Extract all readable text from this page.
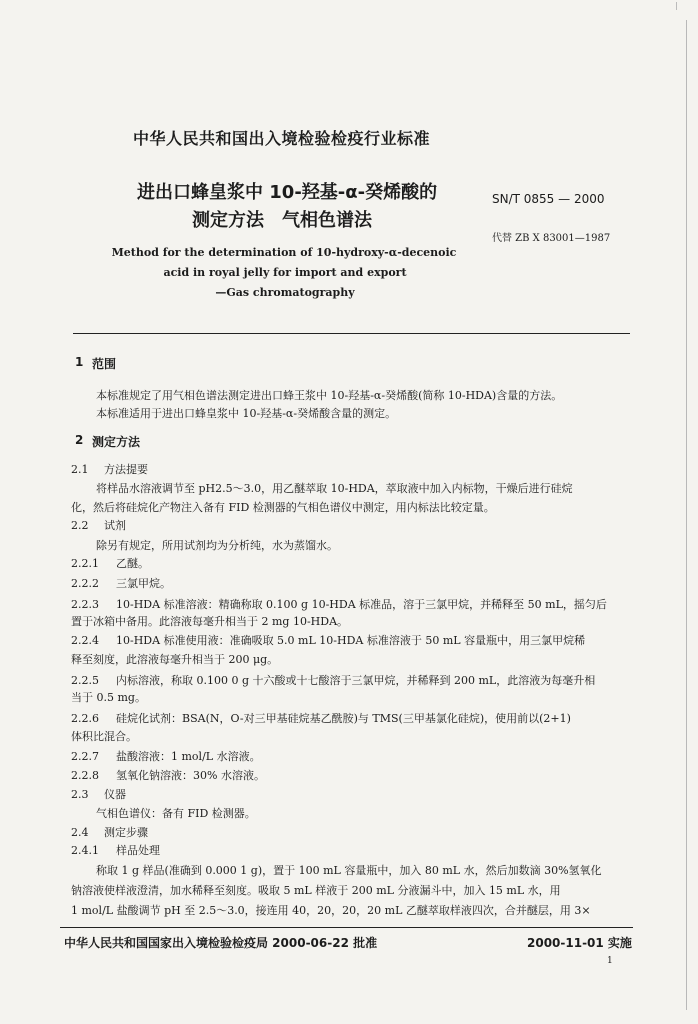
中华人民共和国出入境检验检疫行业标准
进出口蜂皇浆中 10-羟基-α-癸烯酸的
测定方法　气相色谱法
SN/T 0855 — 2000
代替 ZB X 83001—1987
Method for the determination of 10-hydroxy-α-decenoic
acid in royal jelly for import and export
—Gas chromatography
1 范围
本标准规定了用气相色谱法测定进出口蜂王浆中 10-羟基-α-癸烯酸(简称 10-HDA)含量的方法。
本标准适用于进出口蜂皇浆中 10-羟基-α-癸烯酸含量的测定。
2 测定方法
2.1 方法提要
将样品水溶液调节至 pH2.5～3.0，用乙醚萃取 10-HDA，萃取液中加入内标物，干燥后进行硅烷
化，然后将硅烷化产物注入备有 FID 检测器的气相色谱仪中测定，用内标法比较定量。
2.2 试剂
除另有规定，所用试剂均为分析纯，水为蒸馏水。
2.2.1 乙醚。
2.2.2 三氯甲烷。
2.2.3 10-HDA 标准溶液：精确称取 0.100 g 10-HDA 标准品，溶于三氯甲烷，并稀释至 50 mL，摇匀后
置于冰箱中备用。此溶液每毫升相当于 2 mg 10-HDA。
2.2.4 10-HDA 标准使用液：准确吸取 5.0 mL 10-HDA 标准溶液于 50 mL 容量瓶中，用三氯甲烷稀
释至刻度，此溶液每毫升相当于 200 μg。
2.2.5 内标溶液，称取 0.100 0 g 十六酸或十七酸溶于三氯甲烷，并稀释到 200 mL，此溶液为每毫升相
当于 0.5 mg。
2.2.6 硅烷化试剂：BSA(N，O-对三甲基硅烷基乙酰胺)与 TMS(三甲基氯化硅烷)，使用前以(2+1)
体积比混合。
2.2.7 盐酸溶液：1 mol/L 水溶液。
2.2.8 氢氧化钠溶液：30% 水溶液。
2.3 仪器
气相色谱仪：备有 FID 检测器。
2.4 测定步骤
2.4.1 样品处理
称取 1 g 样品(准确到 0.000 1 g)，置于 100 mL 容量瓶中，加入 80 mL 水，然后加数滴 30%氢氧化
钠溶液使样液澄清，加水稀释至刻度。吸取 5 mL 样液于 200 mL 分液漏斗中，加入 15 mL 水，用
1 mol/L 盐酸调节 pH 至 2.5～3.0，接连用 40，20，20，20 mL 乙醚萃取样液四次，合并醚层，用 3×
中华人民共和国国家出入境检验检疫局 2000-06-22 批准	2000-11-01 实施
1
